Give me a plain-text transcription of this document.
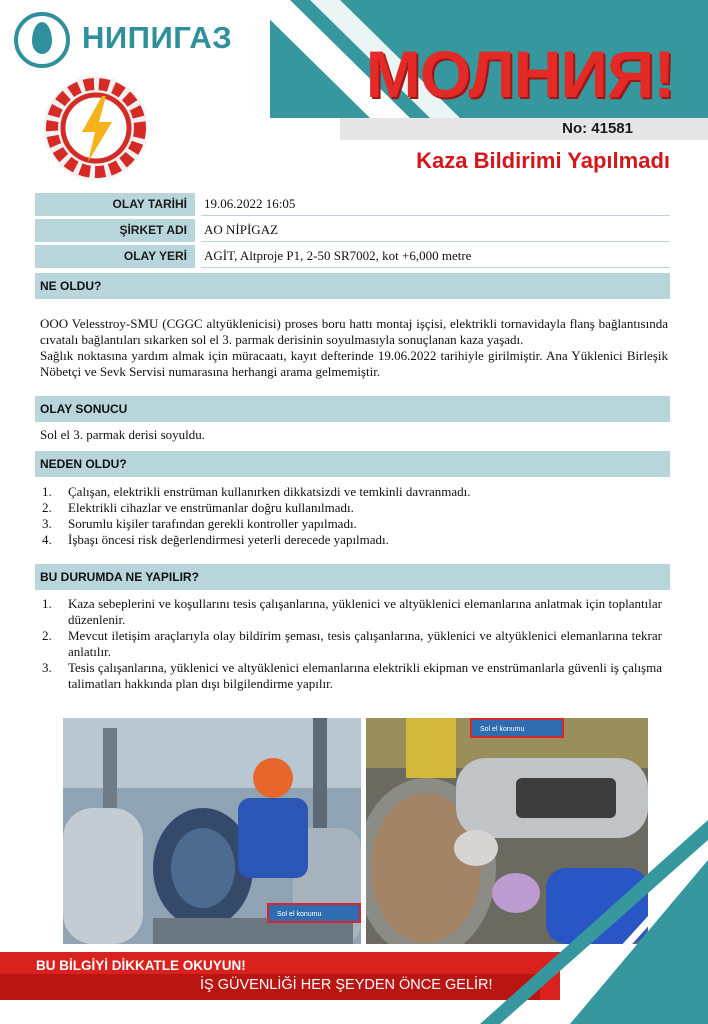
МОЛНИЯ!
No: 41581
Kaza Bildirimi Yapılmadı
НИПИГАЗ
OLAY TARİHİ	19.06.2022 16:05
ŞİRKET ADI	AO NİPİGAZ
OLAY YERİ	AGİT, Altproje P1, 2-50 SR7002, kot +6,000 metre
NE OLDU?
OOO Velesstroy-SMU (CGGC altyüklenicisi) proses boru hattı montaj işçisi, elektrikli tornavidayla flanş bağlantısında cıvatalı bağlantıları sıkarken sol el 3. parmak derisinin soyulmasıyla sonuçlanan kaza yaşadı.
Sağlık noktasına yardım almak için müracaatı, kayıt defterinde 19.06.2022 tarihiyle girilmiştir. Ana Yüklenici Birleşik Nöbetçi ve Sevk Servisi numarasına herhangi arama gelmemiştir.
OLAY SONUCU
Sol el 3. parmak derisi soyuldu.
NEDEN OLDU?
1. Çalışan, elektrikli enstrüman kullanırken dikkatsizdi ve temkinli davranmadı.
2. Elektrikli cihazlar ve enstrümanlar doğru kullanılmadı.
3. Sorumlu kişiler tarafından gerekli kontroller yapılmadı.
4. İşbaşı öncesi risk değerlendirmesi yeterli derecede yapılmadı.
BU DURUMDA NE YAPILIR?
1. Kaza sebeplerini ve koşullarını tesis çalışanlarına, yüklenici ve altyüklenici elemanlarına anlatmak için toplantılar düzenlenir.
2. Mevcut iletişim araçlarıyla olay bildirim şeması, tesis çalışanlarına, yüklenici ve altyüklenici elemanlarına tekrar anlatılır.
3. Tesis çalışanlarına, yüklenici ve altyüklenici elemanlarına elektrikli ekipman ve enstrümanlarla güvenli iş çalışma talimatları hakkında plan dışı bilgilendirme yapılır.
Sol el konumu
Sol el konumu
BU BİLGİYİ DİKKATLE OKUYUN!
İŞ GÜVENLİĞİ HER ŞEYDEN ÖNCE GELİR!
